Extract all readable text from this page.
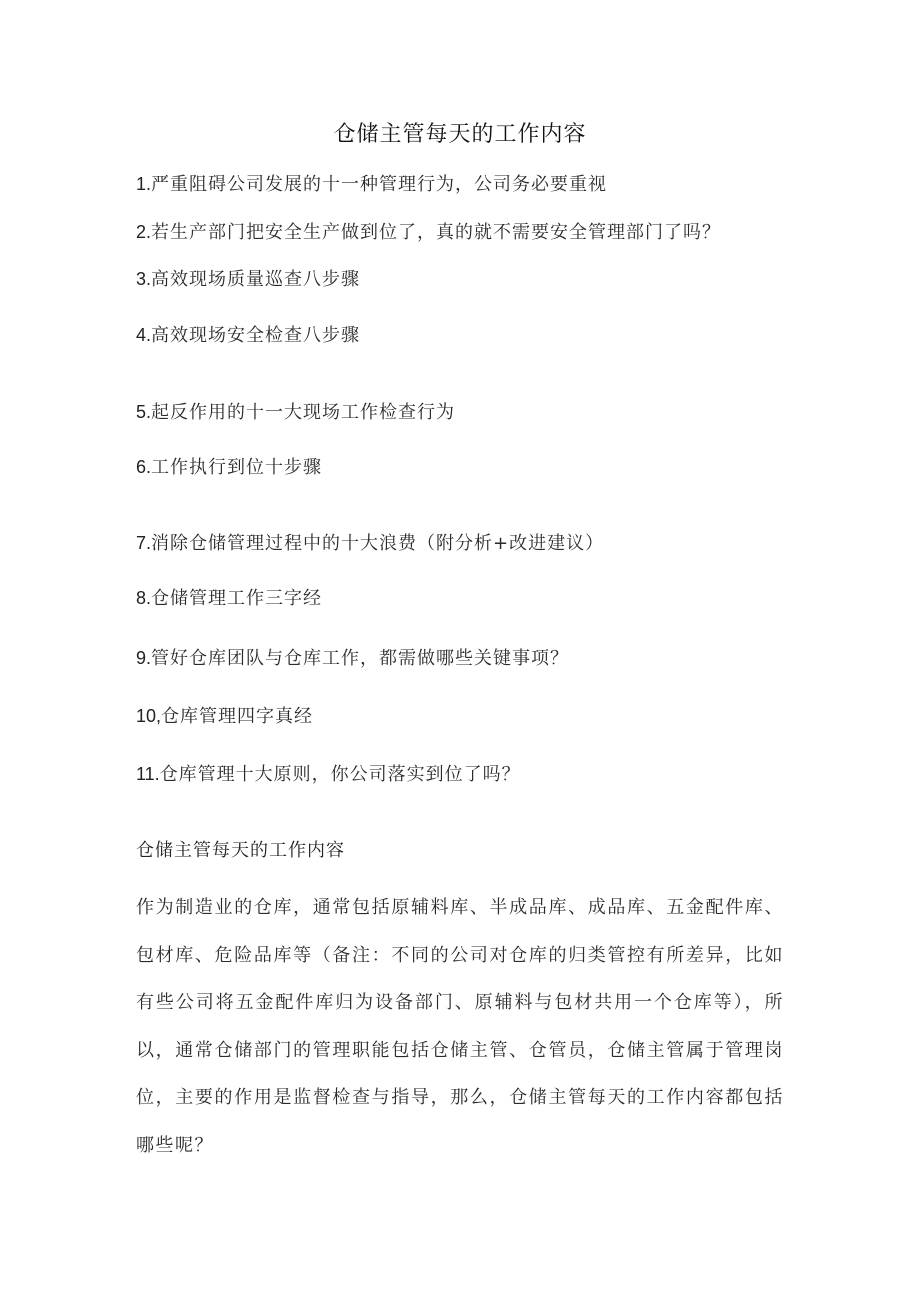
仓储主管每天的工作内容
1.严重阻碍公司发展的十一种管理行为，公司务必要重视
2.若生产部门把安全生产做到位了，真的就不需要安全管理部门了吗？
3.高效现场质量巡查八步骤
4.高效现场安全检查八步骤
5.起反作用的十一大现场工作检查行为
6.工作执行到位十步骤
7.消除仓储管理过程中的十大浪费（附分析+改进建议）
8.仓储管理工作三字经
9.管好仓库团队与仓库工作，都需做哪些关键事项？
10,仓库管理四字真经
11.仓库管理十大原则，你公司落实到位了吗？
仓储主管每天的工作内容
作为制造业的仓库，通常包括原辅料库、半成品库、成品库、五金配件库、包材库、危险品库等（备注：不同的公司对仓库的归类管控有所差异，比如有些公司将五金配件库归为设备部门、原辅料与包材共用一个仓库等），所以，通常仓储部门的管理职能包括仓储主管、仓管员，仓储主管属于管理岗位，主要的作用是监督检查与指导，那么，仓储主管每天的工作内容都包括哪些呢？
